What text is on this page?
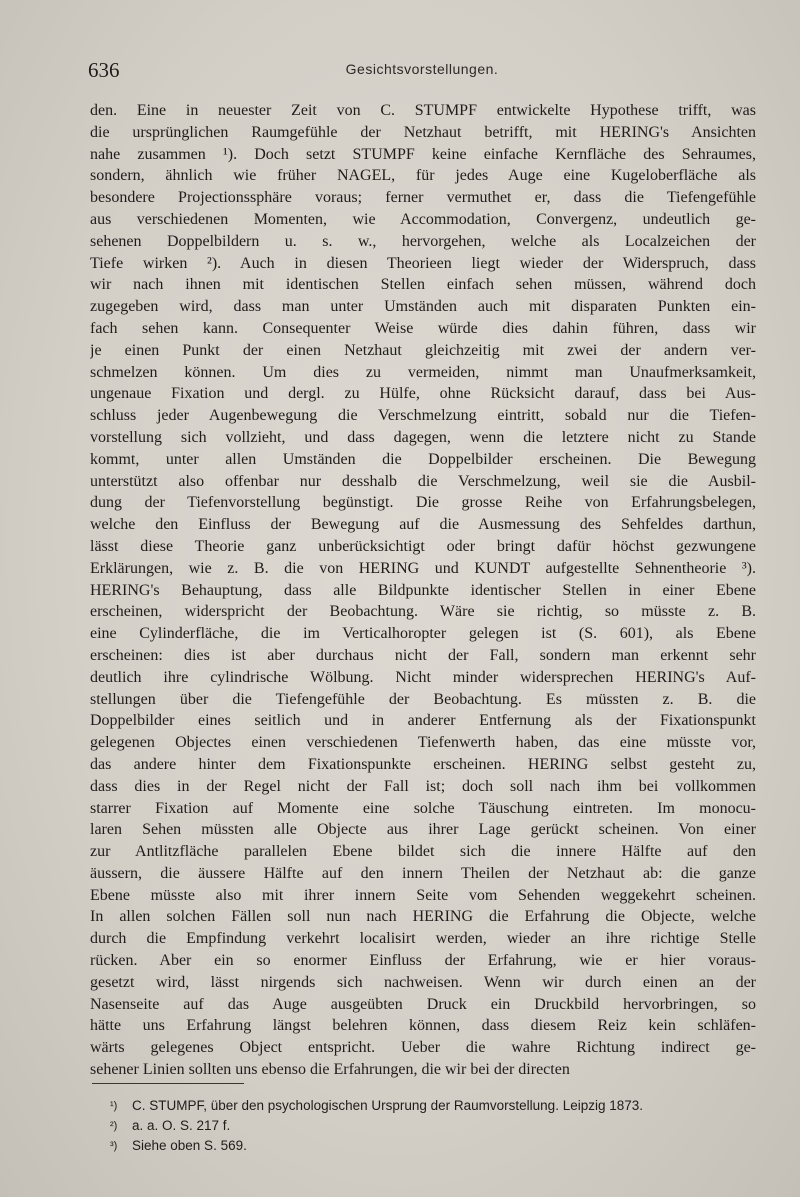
636	Gesichtsvorstellungen.
den. Eine in neuester Zeit von C. STUMPF entwickelte Hypothese trifft, was
die ursprünglichen Raumgefühle der Netzhaut betrifft, mit HERING's Ansichten
nahe zusammen ¹). Doch setzt STUMPF keine einfache Kernfläche des Sehraumes,
sondern, ähnlich wie früher NAGEL, für jedes Auge eine Kugeloberfläche als
besondere Projectionssphäre voraus; ferner vermuthet er, dass die Tiefengefühle
aus verschiedenen Momenten, wie Accommodation, Convergenz, undeutlich ge-
sehenen Doppelbildern u. s. w., hervorgehen, welche als Localzeichen der
Tiefe wirken ²). Auch in diesen Theorieen liegt wieder der Widerspruch, dass
wir nach ihnen mit identischen Stellen einfach sehen müssen, während doch
zugegeben wird, dass man unter Umständen auch mit disparaten Punkten ein-
fach sehen kann. Consequenter Weise würde dies dahin führen, dass wir
je einen Punkt der einen Netzhaut gleichzeitig mit zwei der andern ver-
schmelzen können. Um dies zu vermeiden, nimmt man Unaufmerksamkeit,
ungenaue Fixation und dergl. zu Hülfe, ohne Rücksicht darauf, dass bei Aus-
schluss jeder Augenbewegung die Verschmelzung eintritt, sobald nur die Tiefen-
vorstellung sich vollzieht, und dass dagegen, wenn die letztere nicht zu Stande
kommt, unter allen Umständen die Doppelbilder erscheinen. Die Bewegung
unterstützt also offenbar nur desshalb die Verschmelzung, weil sie die Ausbil-
dung der Tiefenvorstellung begünstigt. Die grosse Reihe von Erfahrungsbelegen,
welche den Einfluss der Bewegung auf die Ausmessung des Sehfeldes darthun,
lässt diese Theorie ganz unberücksichtigt oder bringt dafür höchst gezwungene
Erklärungen, wie z. B. die von HERING und KUNDT aufgestellte Sehnentheorie ³).
HERING's Behauptung, dass alle Bildpunkte identischer Stellen in einer Ebene
erscheinen, widerspricht der Beobachtung. Wäre sie richtig, so müsste z. B.
eine Cylinderfläche, die im Verticalhoropter gelegen ist (S. 601), als Ebene
erscheinen: dies ist aber durchaus nicht der Fall, sondern man erkennt sehr
deutlich ihre cylindrische Wölbung. Nicht minder widersprechen HERING's Auf-
stellungen über die Tiefengefühle der Beobachtung. Es müssten z. B. die
Doppelbilder eines seitlich und in anderer Entfernung als der Fixationspunkt
gelegenen Objectes einen verschiedenen Tiefenwerth haben, das eine müsste vor,
das andere hinter dem Fixationspunkte erscheinen. HERING selbst gesteht zu,
dass dies in der Regel nicht der Fall ist; doch soll nach ihm bei vollkommen
starrer Fixation auf Momente eine solche Täuschung eintreten. Im monocu-
laren Sehen müssten alle Objecte aus ihrer Lage gerückt scheinen. Von einer
zur Antlitzfläche parallelen Ebene bildet sich die innere Hälfte auf den
äussern, die äussere Hälfte auf den innern Theilen der Netzhaut ab: die ganze
Ebene müsste also mit ihrer innern Seite vom Sehenden weggekehrt scheinen.
In allen solchen Fällen soll nun nach HERING die Erfahrung die Objecte, welche
durch die Empfindung verkehrt localisirt werden, wieder an ihre richtige Stelle
rücken. Aber ein so enormer Einfluss der Erfahrung, wie er hier voraus-
gesetzt wird, lässt nirgends sich nachweisen. Wenn wir durch einen an der
Nasenseite auf das Auge ausgeübten Druck ein Druckbild hervorbringen, so
hätte uns Erfahrung längst belehren können, dass diesem Reiz kein schläfen-
wärts gelegenes Object entspricht. Ueber die wahre Richtung indirect ge-
sehener Linien sollten uns ebenso die Erfahrungen, die wir bei der directen
¹) C. STUMPF, über den psychologischen Ursprung der Raumvorstellung. Leipzig 1873.
²) a. a. O. S. 217 f.
³) Siehe oben S. 569.
